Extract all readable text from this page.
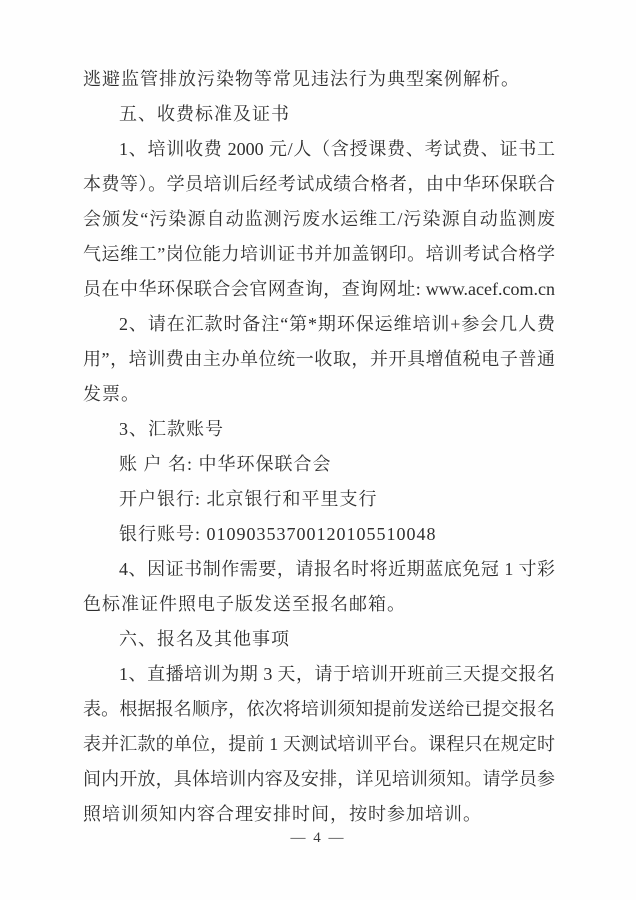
逃避监管排放污染物等常见违法行为典型案例解析。
五、收费标准及证书
1、培训收费 2000 元/人（含授课费、考试费、证书工
本费等）。学员培训后经考试成绩合格者，由中华环保联合
会颁发“污染源自动监测污废水运维工/污染源自动监测废
气运维工”岗位能力培训证书并加盖钢印。培训考试合格学
员在中华环保联合会官网查询，查询网址: www.acef.com.cn
2、请在汇款时备注“第*期环保运维培训+参会几人费
用”，培训费由主办单位统一收取，并开具增值税电子普通
发票。
3、汇款账号
账 户 名: 中华环保联合会
开户银行: 北京银行和平里支行
银行账号: 01090353700120105510048
4、因证书制作需要，请报名时将近期蓝底免冠 1 寸彩
色标准证件照电子版发送至报名邮箱。
六、报名及其他事项
1、直播培训为期 3 天，请于培训开班前三天提交报名
表。根据报名顺序，依次将培训须知提前发送给已提交报名
表并汇款的单位，提前 1 天测试培训平台。课程只在规定时
间内开放，具体培训内容及安排，详见培训须知。请学员参
照培训须知内容合理安排时间，按时参加培训。
— 4 —
